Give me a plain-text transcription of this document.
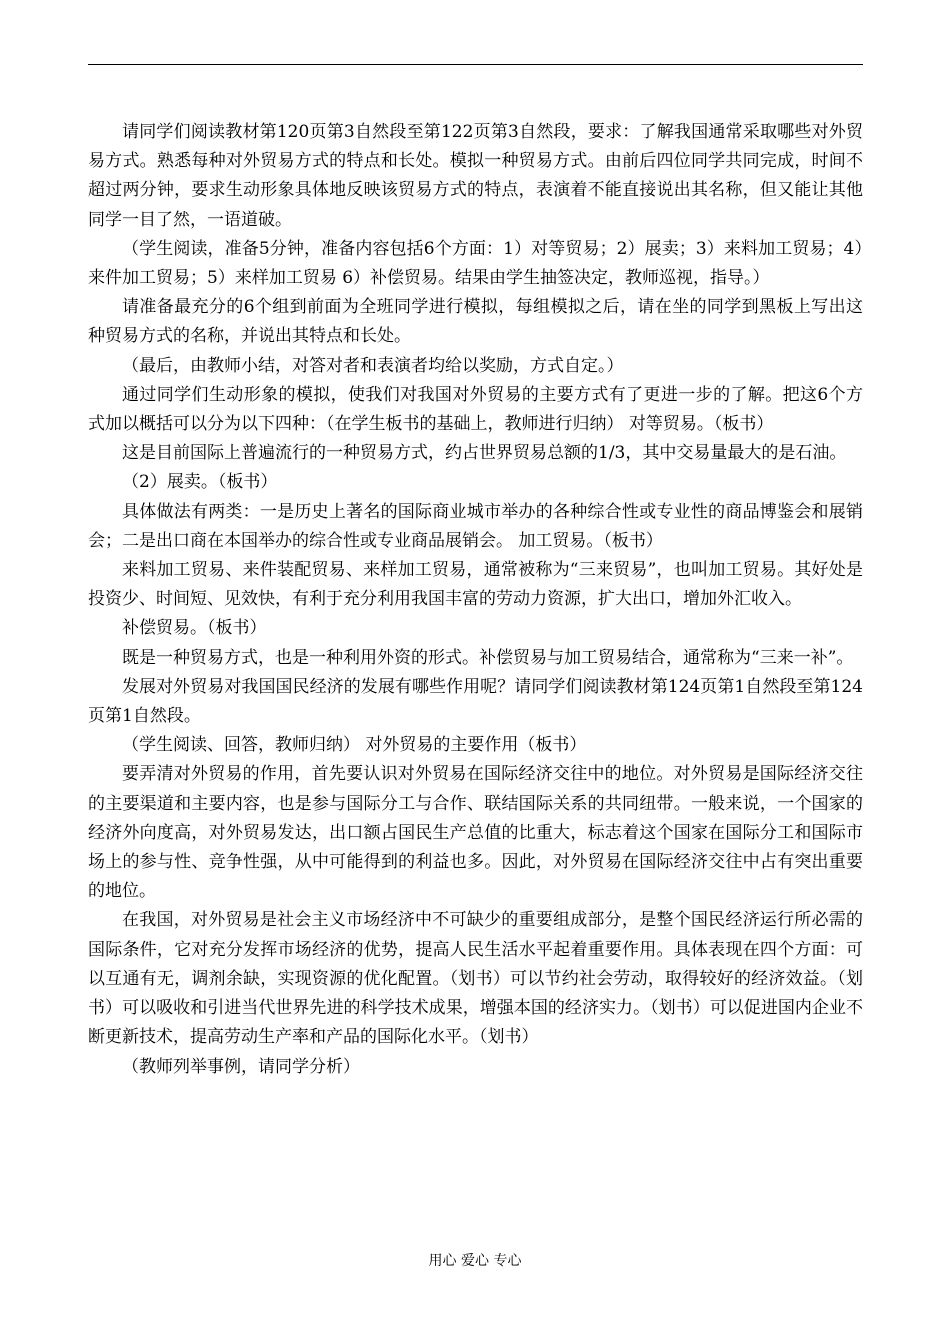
请同学们阅读教材第120页第3自然段至第122页第3自然段，要求：了解我国通常采取哪些对外贸易方式。熟悉每种对外贸易方式的特点和长处。模拟一种贸易方式。由前后四位同学共同完成，时间不超过两分钟，要求生动形象具体地反映该贸易方式的特点，表演着不能直接说出其名称，但又能让其他同学一目了然，一语道破。

（学生阅读，准备5分钟，准备内容包括6个方面：1）对等贸易；2）展卖；3）来料加工贸易；4）来件加工贸易；5）来样加工贸易 6）补偿贸易。结果由学生抽签决定，教师巡视，指导。）

请准备最充分的6个组到前面为全班同学进行模拟，每组模拟之后，请在坐的同学到黑板上写出这种贸易方式的名称，并说出其特点和长处。

（最后，由教师小结，对答对者和表演者均给以奖励，方式自定。）

通过同学们生动形象的模拟，使我们对我国对外贸易的主要方式有了更进一步的了解。把这6个方式加以概括可以分为以下四种：（在学生板书的基础上，教师进行归纳） 对等贸易。（板书）

这是目前国际上普遍流行的一种贸易方式，约占世界贸易总额的1/3，其中交易量最大的是石油。

（2）展卖。（板书）

具体做法有两类：一是历史上著名的国际商业城市举办的各种综合性或专业性的商品博鉴会和展销会；二是出口商在本国举办的综合性或专业商品展销会。 加工贸易。（板书）

来料加工贸易、来件装配贸易、来样加工贸易，通常被称为“三来贸易”，也叫加工贸易。其好处是投资少、时间短、见效快，有利于充分利用我国丰富的劳动力资源，扩大出口，增加外汇收入。

补偿贸易。（板书）

既是一种贸易方式，也是一种利用外资的形式。补偿贸易与加工贸易结合，通常称为“三来一补”。

发展对外贸易对我国国民经济的发展有哪些作用呢？请同学们阅读教材第124页第1自然段至第124页第1自然段。

（学生阅读、回答，教师归纳） 对外贸易的主要作用（板书）

要弄清对外贸易的作用，首先要认识对外贸易在国际经济交往中的地位。对外贸易是国际经济交往的主要渠道和主要内容，也是参与国际分工与合作、联结国际关系的共同纽带。一般来说，一个国家的经济外向度高，对外贸易发达，出口额占国民生产总值的比重大，标志着这个国家在国际分工和国际市场上的参与性、竞争性强，从中可能得到的利益也多。因此，对外贸易在国际经济交往中占有突出重要的地位。

在我国，对外贸易是社会主义市场经济中不可缺少的重要组成部分，是整个国民经济运行所必需的国际条件，它对充分发挥市场经济的优势，提高人民生活水平起着重要作用。具体表现在四个方面：可以互通有无，调剂余缺，实现资源的优化配置。（划书）可以节约社会劳动，取得较好的经济效益。（划书）可以吸收和引进当代世界先进的科学技术成果，增强本国的经济实力。（划书）可以促进国内企业不断更新技术，提高劳动生产率和产品的国际化水平。（划书）

（教师列举事例，请同学分析）

用心 爱心 专心
